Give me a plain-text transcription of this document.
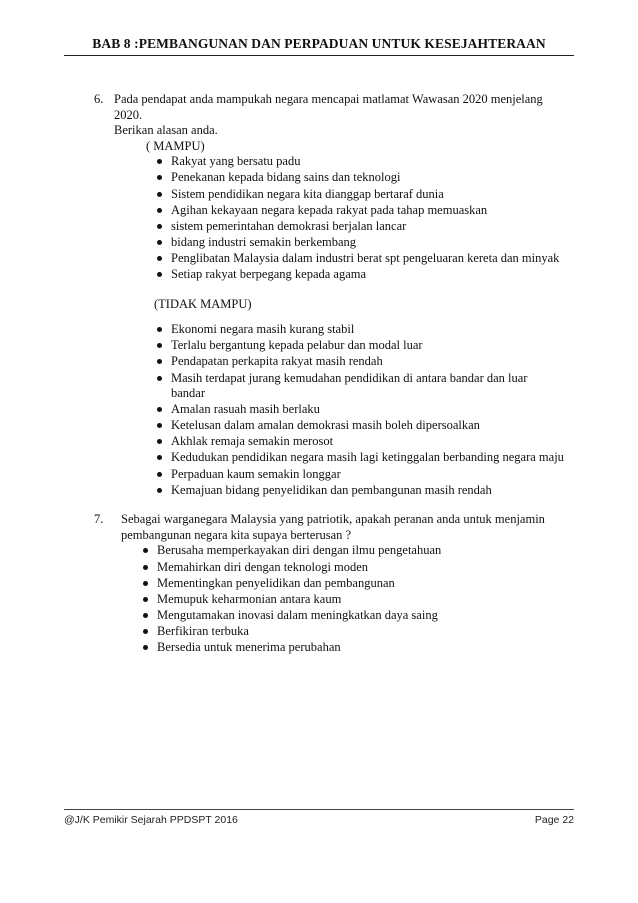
BAB 8 :PEMBANGUNAN DAN PERPADUAN UNTUK KESEJAHTERAAN
6. Pada pendapat anda mampukah negara mencapai matlamat Wawasan 2020 menjelang
2020.
Berikan alasan anda.
( MAMPU)
Rakyat yang bersatu padu
Penekanan kepada bidang sains dan teknologi
Sistem pendidikan negara kita dianggap bertaraf dunia
Agihan kekayaan negara kepada rakyat pada tahap memuaskan
sistem pemerintahan demokrasi berjalan lancar
bidang industri semakin berkembang
Penglibatan Malaysia dalam industri berat spt pengeluaran kereta dan minyak
Setiap rakyat berpegang kepada agama
(TIDAK MAMPU)
Ekonomi negara masih kurang stabil
Terlalu bergantung kepada pelabur dan modal luar
Pendapatan perkapita rakyat masih rendah
Masih terdapat jurang kemudahan pendidikan di antara bandar dan luar bandar
Amalan rasuah masih berlaku
Ketelusan dalam amalan demokrasi masih boleh dipersoalkan
Akhlak remaja semakin merosot
Kedudukan pendidikan negara masih lagi ketinggalan berbanding negara maju
Perpaduan kaum semakin longgar
Kemajuan bidang penyelidikan dan pembangunan masih rendah
7. Sebagai warganegara Malaysia yang patriotik, apakah peranan anda untuk menjamin
pembangunan negara kita supaya berterusan ?
Berusaha memperkayakan diri dengan ilmu pengetahuan
Memahirkan diri dengan teknologi moden
Mementingkan penyelidikan dan pembangunan
Memupuk keharmonian antara kaum
Mengutamakan inovasi dalam meningkatkan daya saing
Berfikiran terbuka
Bersedia untuk menerima perubahan
@J/K Pemikir Sejarah PPDSPT 2016	Page 22
